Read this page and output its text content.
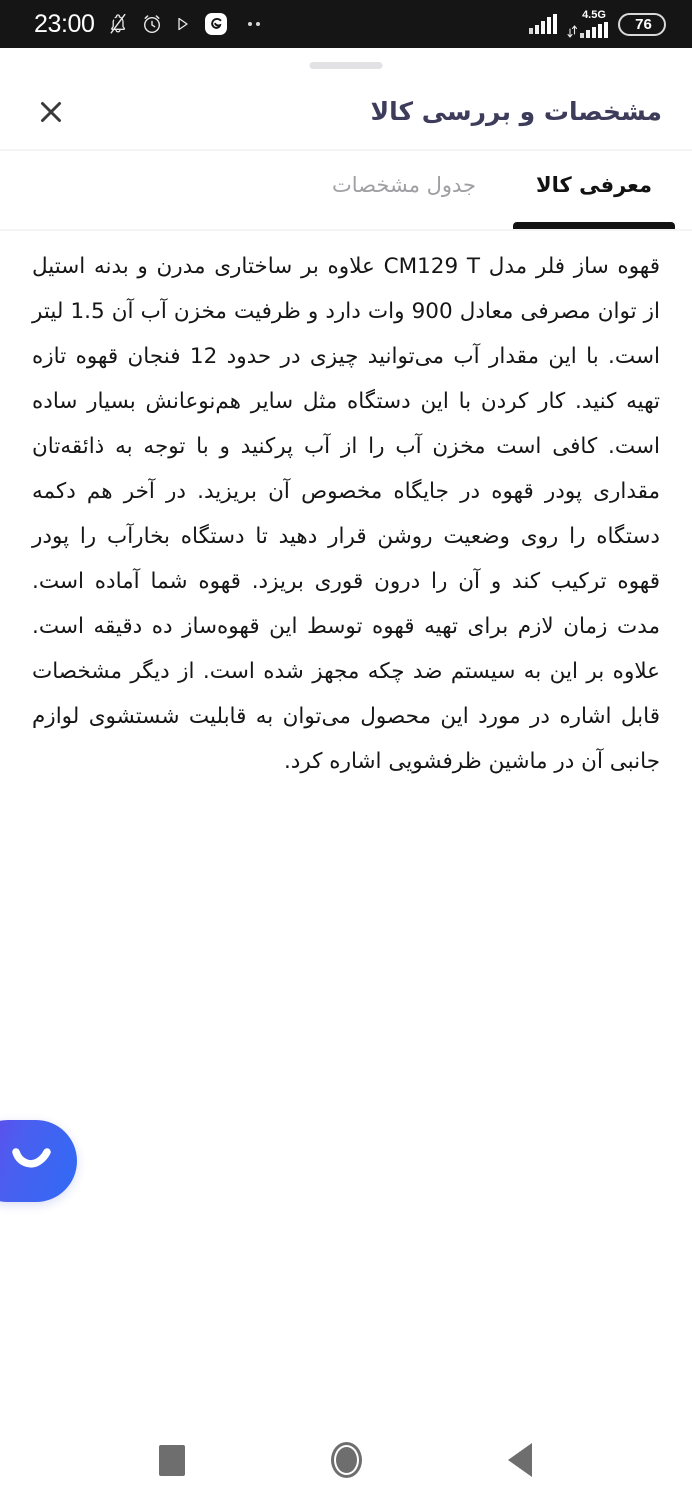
23:00	4.5G
76
مشخصات و بررسی کالا
معرفی کالا
جدول مشخصات

قهوه ساز فلر مدل CM129 T علاوه بر ساختاری مدرن و بدنه استیل از توان مصرفی معادل 900 وات دارد و ظرفیت مخزن آب آن 1.5 لیتر است. با این مقدار آب می‌توانید چیزی در حدود 12 فنجان قهوه تازه تهیه کنید. کار کردن با این دستگاه مثل سایر هم‌نوعانش بسیار ساده است. کافی است مخزن آب را از آب پرکنید و با توجه به ذائقه‌تان مقداری پودر قهوه در جایگاه مخصوص آن بریزید. در آخر هم دکمه دستگاه را روی وضعیت روشن قرار دهید تا دستگاه بخارآب را پودر قهوه ترکیب کند و آن را درون قوری بریزد. قهوه شما آماده است. مدت زمان لازم برای تهیه قهوه توسط این قهوه‌ساز ده دقیقه است. علاوه بر این به سیستم ضد چکه مجهز شده است. از دیگر مشخصات قابل اشاره در مورد این محصول می‌توان به قابلیت شستشوی لوازم جانبی آن در ماشین ظرفشویی اشاره کرد.
